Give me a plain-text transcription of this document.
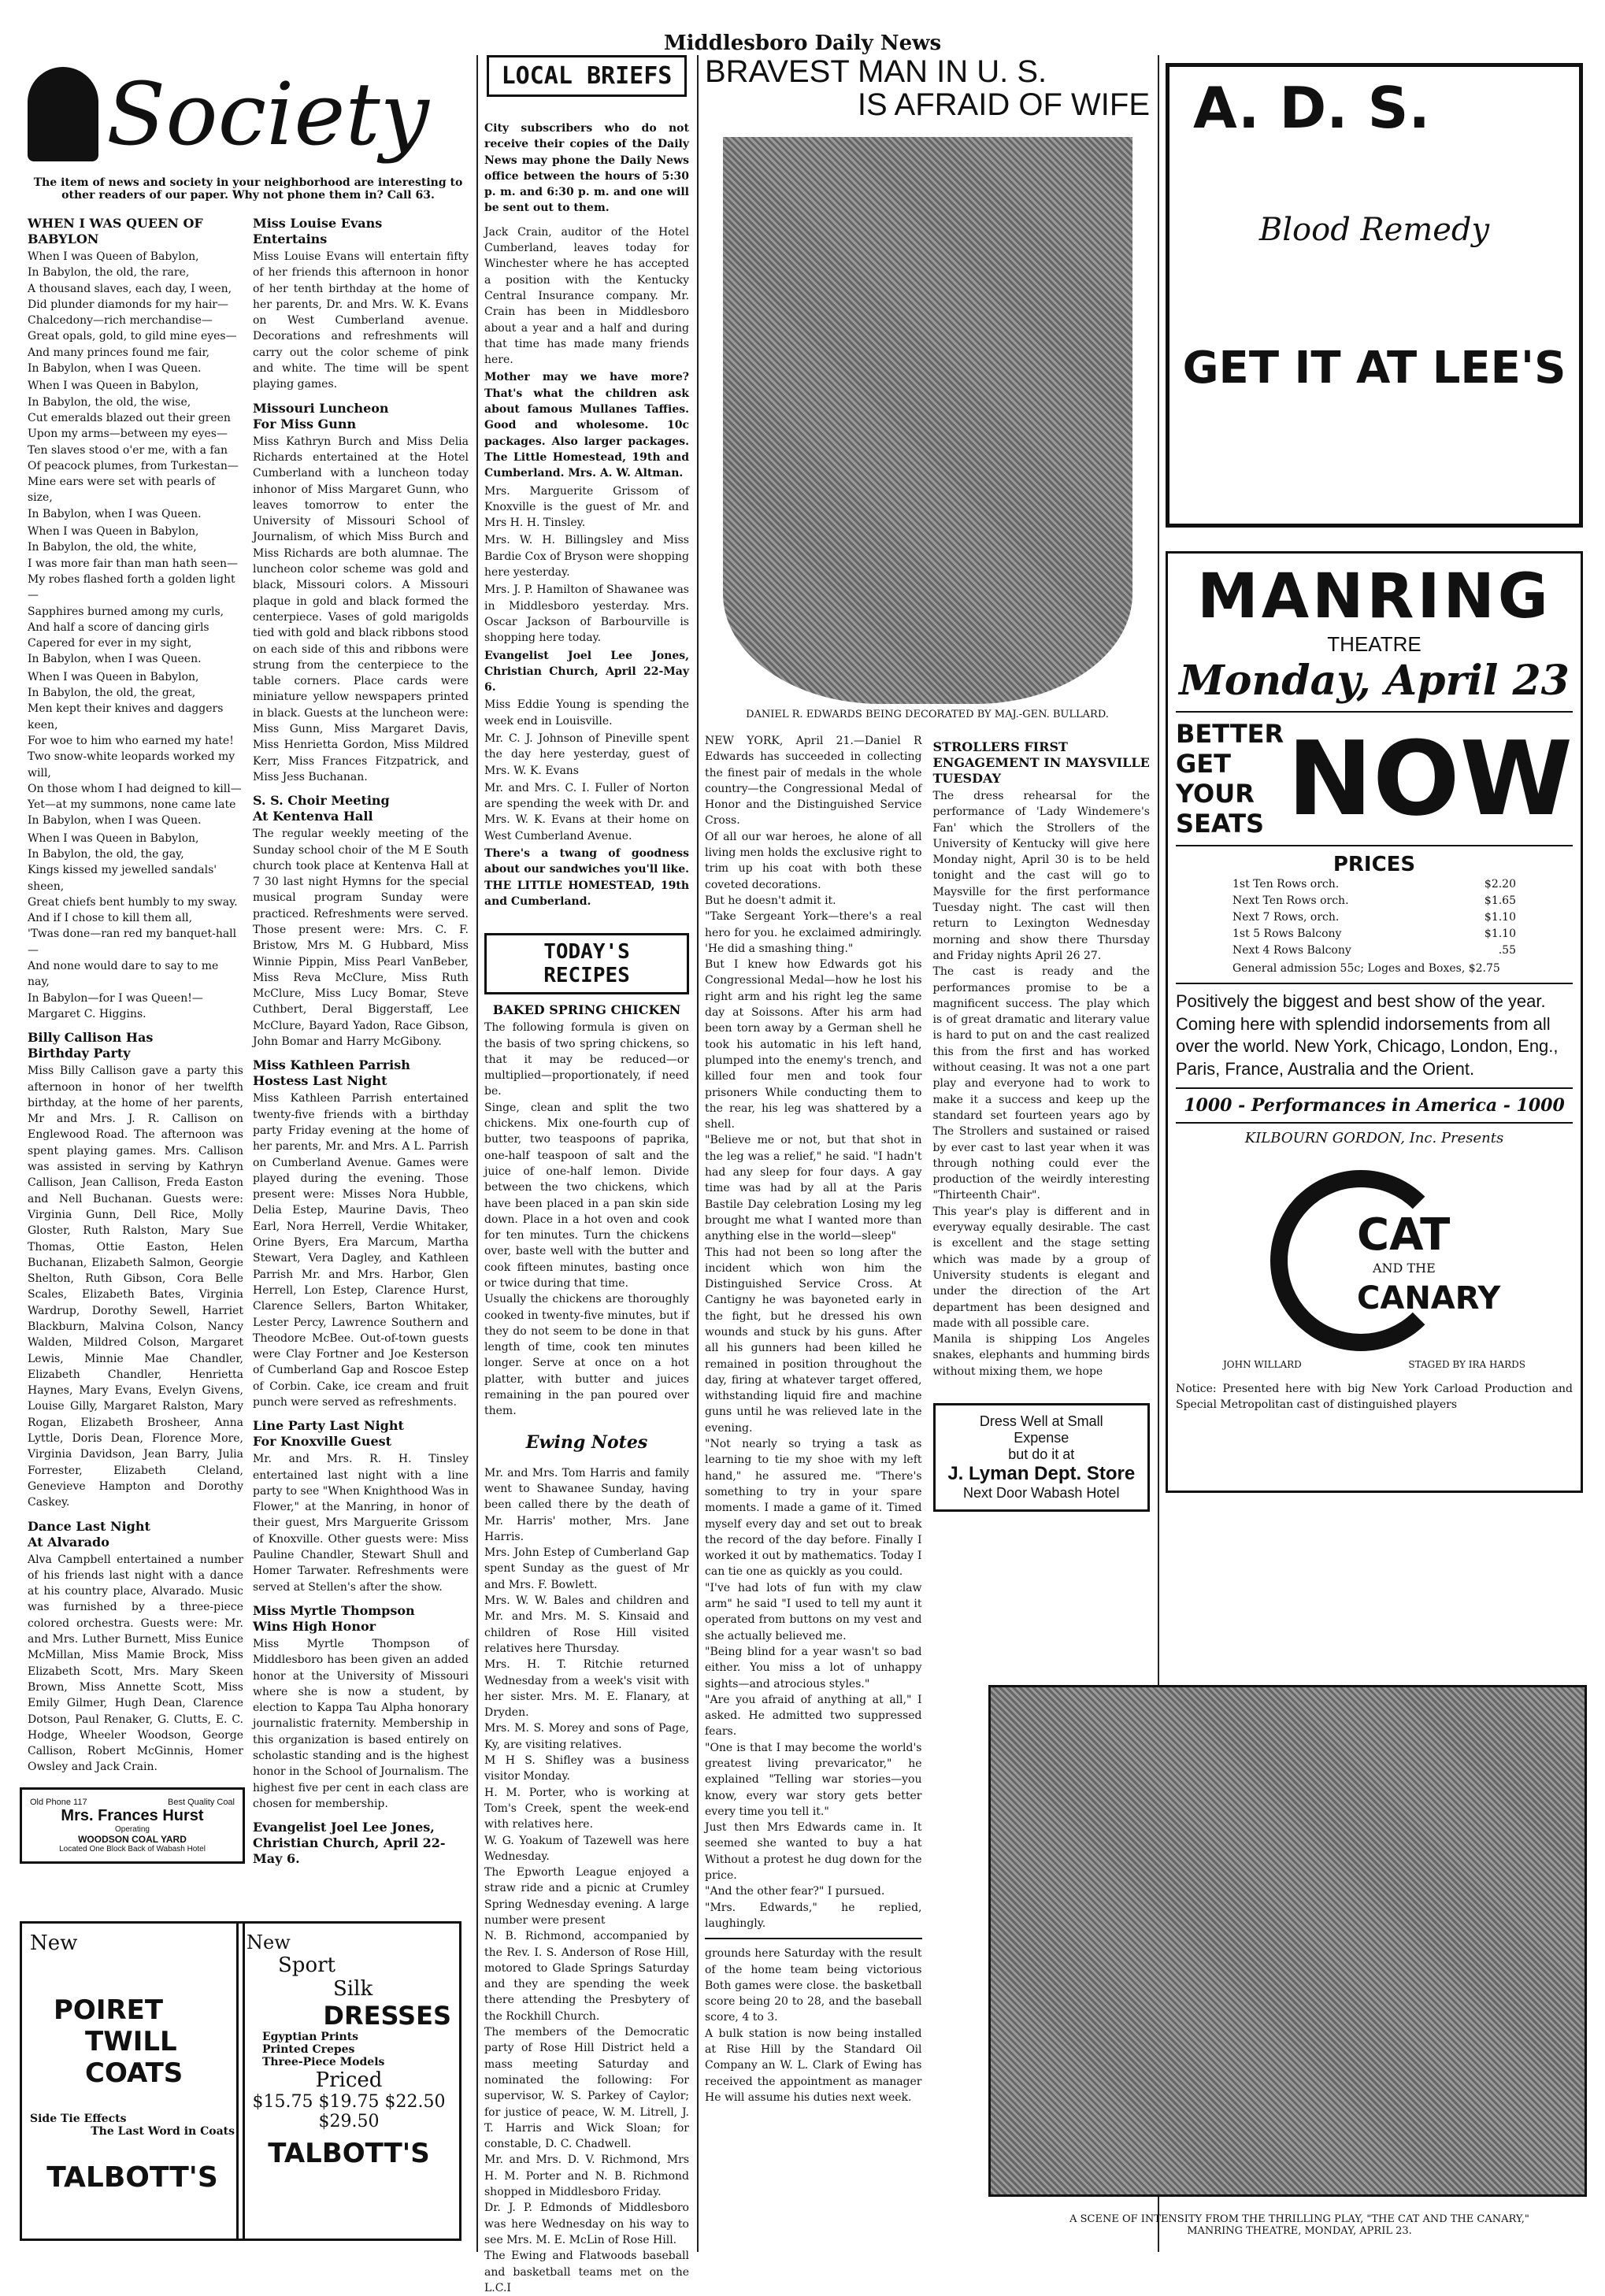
Middlesboro Daily News
Society
The item of news and society in your neighborhood are interesting to other readers of our paper. Why not phone them in? Call 63.
WHEN I WAS QUEEN OF BABYLON
When I was Queen of Babylon,
In Babylon, the old, the rare,
A thousand slaves, each day, I ween,
Did plunder diamonds for my hair—
Chalcedony—rich merchandise—
Great opals, gold, to gild mine eyes—
And many princes found me fair,
In Babylon, when I was Queen.
When I was Queen in Babylon,
In Babylon, the old, the wise,
Cut emeralds blazed out their green
Upon my arms—between my eyes—
Ten slaves stood o'er me, with a fan
Of peacock plumes, from Turkestan—
Mine ears were set with pearls of size,
In Babylon, when I was Queen.
When I was Queen in Babylon,
In Babylon, the old, the white,
I was more fair than man hath seen—
My robes flashed forth a golden light—
Sapphires burned among my curls,
And half a score of dancing girls
Capered for ever in my sight,
In Babylon, when I was Queen.
When I was Queen in Babylon,
In Babylon, the old, the great,
Men kept their knives and daggers keen,
For woe to him who earned my hate!
Two snow-white leopards worked my will,
On those whom I had deigned to kill—
Yet—at my summons, none came late
In Babylon, when I was Queen.
When I was Queen in Babylon,
In Babylon, the old, the gay,
Kings kissed my jewelled sandals' sheen,
Great chiefs bent humbly to my sway.
And if I chose to kill them all,
'Twas done—ran red my banquet-hall—
And none would dare to say to me nay,
In Babylon—for I was Queen!—Margaret C. Higgins.
Billy Callison Has
Birthday Party
Miss Billy Callison gave a party this afternoon in honor of her twelfth birthday, at the home of her parents, Mr and Mrs. J. R. Callison on Englewood Road. The afternoon was spent playing games. Mrs. Callison was assisted in serving by Kathryn Callison, Jean Callison, Freda Easton and Nell Buchanan. Guests were: Virginia Gunn, Dell Rice, Molly Gloster, Ruth Ralston, Mary Sue Thomas, Ottie Easton, Helen Buchanan, Elizabeth Salmon, Georgie Shelton, Ruth Gibson, Cora Belle Scales, Elizabeth Bates, Virginia Wardrup, Dorothy Sewell, Harriet Blackburn, Malvina Colson, Nancy Walden, Mildred Colson, Margaret Lewis, Minnie Mae Chandler, Elizabeth Chandler, Henrietta Haynes, Mary Evans, Evelyn Givens, Louise Gilly, Margaret Ralston, Mary Rogan, Elizabeth Brosheer, Anna Lyttle, Doris Dean, Florence More, Virginia Davidson, Jean Barry, Julia Forrester, Elizabeth Cleland, Genevieve Hampton and Dorothy Caskey.
Dance Last Night
At Alvarado
Alva Campbell entertained a number of his friends last night with a dance at his country place, Alvarado. Music was furnished by a three-piece colored orchestra. Guests were: Mr. and Mrs. Luther Burnett, Miss Eunice McMillan, Miss Mamie Brock, Miss Elizabeth Scott, Mrs. Mary Skeen Brown, Miss Annette Scott, Miss Emily Gilmer, Hugh Dean, Clarence Dotson, Paul Renaker, G. Clutts, E. C. Hodge, Wheeler Woodson, George Callison, Robert McGinnis, Homer Owsley and Jack Crain.
Miss Louise Evans
Entertains
Miss Louise Evans will entertain fifty of her friends this afternoon in honor of her tenth birthday at the home of her parents, Dr. and Mrs. W. K. Evans on West Cumberland avenue. Decorations and refreshments will carry out the color scheme of pink and white. The time will be spent playing games.
Missouri Luncheon
For Miss Gunn
Miss Kathryn Burch and Miss Delia Richards entertained at the Hotel Cumberland with a luncheon today inhonor of Miss Margaret Gunn, who leaves tomorrow to enter the University of Missouri School of Journalism, of which Miss Burch and Miss Richards are both alumnae. The luncheon color scheme was gold and black, Missouri colors. A Missouri plaque in gold and black formed the centerpiece. Vases of gold marigolds tied with gold and black ribbons stood on each side of this and ribbons were strung from the centerpiece to the table corners. Place cards were miniature yellow newspapers printed in black. Guests at the luncheon were: Miss Gunn, Miss Margaret Davis, Miss Henrietta Gordon, Miss Mildred Kerr, Miss Frances Fitzpatrick, and Miss Jess Buchanan.
S. S. Choir Meeting
At Kentenva Hall
The regular weekly meeting of the Sunday school choir of the M E South church took place at Kentenva Hall at 7 30 last night Hymns for the special musical program Sunday were practiced. Refreshments were served. Those present were: Mrs. C. F. Bristow, Mrs M. G Hubbard, Miss Winnie Pippin, Miss Pearl VanBeber, Miss Reva McClure, Miss Ruth McClure, Miss Lucy Bomar, Steve Cuthbert, Deral Biggerstaff, Lee McClure, Bayard Yadon, Race Gibson, John Bomar and Harry McGibony.
Miss Kathleen Parrish
Hostess Last Night
Miss Kathleen Parrish entertained twenty-five friends with a birthday party Friday evening at the home of her parents, Mr. and Mrs. A L. Parrish on Cumberland Avenue. Games were played during the evening. Those present were: Misses Nora Hubble, Delia Estep, Maurine Davis, Theo Earl, Nora Herrell, Verdie Whitaker, Orine Byers, Era Marcum, Martha Stewart, Vera Dagley, and Kathleen Parrish Mr. and Mrs. Harbor, Glen Herrell, Lon Estep, Clarence Hurst, Clarence Sellers, Barton Whitaker, Lester Percy, Lawrence Southern and Theodore McBee. Out-of-town guests were Clay Fortner and Joe Kesterson of Cumberland Gap and Roscoe Estep of Corbin. Cake, ice cream and fruit punch were served as refreshments.
Line Party Last Night
For Knoxville Guest
Mr. and Mrs. R. H. Tinsley entertained last night with a line party to see "When Knighthood Was in Flower," at the Manring, in honor of their guest, Mrs Marguerite Grissom of Knoxville. Other guests were: Miss Pauline Chandler, Stewart Shull and Homer Tarwater. Refreshments were served at Stellen's after the show.
Miss Myrtle Thompson
Wins High Honor
Miss Myrtle Thompson of Middlesboro has been given an added honor at the University of Missouri where she is now a student, by election to Kappa Tau Alpha honorary journalistic fraternity. Membership in this organization is based entirely on scholastic standing and is the highest honor in the School of Journalism. The highest five per cent in each class are chosen for membership.
Evangelist Joel Lee Jones, Christian Church, April 22-May 6.
Old Phone 117	Best Quality Coal
Mrs. Frances Hurst
Operating
WOODSON COAL YARD
Located One Block Back of Wabash Hotel
New
POIRET
TWILL COATS
Side Tie Effects
The Last Word in Coats
TALBOTT'S
New
Sport
Silk
DRESSES
Egyptian Prints
Printed Crepes
Three-Piece Models
Priced
$15.75 $19.75 $22.50
$29.50
TALBOTT'S
LOCAL BRIEFS
City subscribers who do not receive their copies of the Daily News may phone the Daily News office between the hours of 5:30 p. m. and 6:30 p. m. and one will be sent out to them.
Jack Crain, auditor of the Hotel Cumberland, leaves today for Winchester where he has accepted a position with the Kentucky Central Insurance company. Mr. Crain has been in Middlesboro about a year and a half and during that time has made many friends here.
Mother may we have more? That's what the children ask about famous Mullanes Taffies. Good and wholesome. 10c packages. Also larger packages. The Little Homestead, 19th and Cumberland. Mrs. A. W. Altman.
Mrs. Marguerite Grissom of Knoxville is the guest of Mr. and Mrs H. H. Tinsley.
Mrs. W. H. Billingsley and Miss Bardie Cox of Bryson were shopping here yesterday.
Mrs. J. P. Hamilton of Shawanee was in Middlesboro yesterday. Mrs. Oscar Jackson of Barbourville is shopping here today.
Evangelist Joel Lee Jones, Christian Church, April 22-May 6.
Miss Eddie Young is spending the week end in Louisville.
Mr. C. J. Johnson of Pineville spent the day here yesterday, guest of Mrs. W. K. Evans
Mr. and Mrs. C. I. Fuller of Norton are spending the week with Dr. and Mrs. W. K. Evans at their home on West Cumberland Avenue.
There's a twang of goodness about our sandwiches you'll like. THE LITTLE HOMESTEAD, 19th and Cumberland.
TODAY'S RECIPES
BAKED SPRING CHICKEN
The following formula is given on the basis of two spring chickens, so that it may be reduced—or multiplied—proportionately, if need be.
Singe, clean and split the two chickens. Mix one-fourth cup of butter, two teaspoons of paprika, one-half teaspoon of salt and the juice of one-half lemon. Divide between the two chickens, which have been placed in a pan skin side down. Place in a hot oven and cook for ten minutes. Turn the chickens over, baste well with the butter and cook fifteen minutes, basting once or twice during that time.
Usually the chickens are thoroughly cooked in twenty-five minutes, but if they do not seem to be done in that length of time, cook ten minutes longer. Serve at once on a hot platter, with butter and juices remaining in the pan poured over them.
Ewing Notes
Mr. and Mrs. Tom Harris and family went to Shawanee Sunday, having been called there by the death of Mr. Harris' mother, Mrs. Jane Harris.
Mrs. John Estep of Cumberland Gap spent Sunday as the guest of Mr and Mrs. F. Bowlett.
Mrs. W. W. Bales and children and Mr. and Mrs. M. S. Kinsaid and children of Rose Hill visited relatives here Thursday.
Mrs. H. T. Ritchie returned Wednesday from a week's visit with her sister. Mrs. M. E. Flanary, at Dryden.
Mrs. M. S. Morey and sons of Page, Ky, are visiting relatives.
M H S. Shifley was a business visitor Monday.
H. M. Porter, who is working at Tom's Creek, spent the week-end with relatives here.
W. G. Yoakum of Tazewell was here Wednesday.
The Epworth League enjoyed a straw ride and a picnic at Crumley Spring Wednesday evening. A large number were present
N. B. Richmond, accompanied by the Rev. I. S. Anderson of Rose Hill, motored to Glade Springs Saturday and they are spending the week there attending the Presbytery of the Rockhill Church.
The members of the Democratic party of Rose Hill District held a mass meeting Saturday and nominated the following: For supervisor, W. S. Parkey of Caylor; for justice of peace, W. M. Litrell, J. T. Harris and Wick Sloan; for constable, D. C. Chadwell.
Mr. and Mrs. D. V. Richmond, Mrs H. M. Porter and N. B. Richmond shopped in Middlesboro Friday.
Dr. J. P. Edmonds of Middlesboro was here Wednesday on his way to see Mrs. M. E. McLin of Rose Hill.
The Ewing and Flatwoods baseball and basketball teams met on the L.C.I
BRAVEST MAN IN U. S.
IS AFRAID OF WIFE
DANIEL R. EDWARDS BEING DECORATED BY MAJ.-GEN. BULLARD.
NEW YORK, April 21.—Daniel R Edwards has succeeded in collecting the finest pair of medals in the whole country—the Congressional Medal of Honor and the Distinguished Service Cross.
Of all our war heroes, he alone of all living men holds the exclusive right to trim up his coat with both these coveted decorations.
But he doesn't admit it.
"Take Sergeant York—there's a real hero for you. he exclaimed admiringly. 'He did a smashing thing."
But I knew how Edwards got his Congressional Medal—how he lost his right arm and his right leg the same day at Soissons. After his arm had been torn away by a German shell he took his automatic in his left hand, plumped into the enemy's trench, and killed four men and took four prisoners While conducting them to the rear, his leg was shattered by a shell.
"Believe me or not, but that shot in the leg was a relief," he said. "I hadn't had any sleep for four days. A gay time was had by all at the Paris Bastile Day celebration Losing my leg brought me what I wanted more than anything else in the world—sleep"
This had not been so long after the incident which won him the Distinguished Service Cross. At Cantigny he was bayoneted early in the fight, but he dressed his own wounds and stuck by his guns. After all his gunners had been killed he remained in position throughout the day, firing at whatever target offered, withstanding liquid fire and machine guns until he was relieved late in the evening.
"Not nearly so trying a task as learning to tie my shoe with my left hand," he assured me. "There's something to try in your spare moments. I made a game of it. Timed myself every day and set out to break the record of the day before. Finally I worked it out by mathematics. Today I can tie one as quickly as you could.
"I've had lots of fun with my claw arm" he said "I used to tell my aunt it operated from buttons on my vest and she actually believed me.
"Being blind for a year wasn't so bad either. You miss a lot of unhappy sights—and atrocious styles."
"Are you afraid of anything at all," I asked. He admitted two suppressed fears.
"One is that I may become the world's greatest living prevaricator," he explained "Telling war stories—you know, every war story gets better every time you tell it."
Just then Mrs Edwards came in. It seemed she wanted to buy a hat Without a protest he dug down for the price.
"And the other fear?" I pursued.
"Mrs. Edwards," he replied, laughingly.
grounds here Saturday with the result of the home team being victorious Both games were close. the basketball score being 20 to 28, and the baseball score, 4 to 3.
A bulk station is now being installed at Rise Hill by the Standard Oil Company an W. L. Clark of Ewing has received the appointment as manager He will assume his duties next week.
STROLLERS FIRST ENGAGEMENT IN MAYSVILLE TUESDAY
The dress rehearsal for the performance of 'Lady Windemere's Fan' which the Strollers of the University of Kentucky will give here Monday night, April 30 is to be held tonight and the cast will go to Maysville for the first performance Tuesday night. The cast will then return to Lexington Wednesday morning and show there Thursday and Friday nights April 26 27.
The cast is ready and the performances promise to be a magnificent success. The play which is of great dramatic and literary value is hard to put on and the cast realized this from the first and has worked without ceasing. It was not a one part play and everyone had to work to make it a success and keep up the standard set fourteen years ago by The Strollers and sustained or raised by ever cast to last year when it was through nothing could ever the production of the weirdly interesting "Thirteenth Chair".
This year's play is different and in everyway equally desirable. The cast is excellent and the stage setting which was made by a group of University students is elegant and under the direction of the Art department has been designed and made with all possible care.
Manila is shipping Los Angeles snakes, elephants and humming birds without mixing them, we hope
Dress Well at Small
Expense
but do it at
J. Lyman Dept. Store
Next Door Wabash Hotel
A. D. S.
Blood Remedy
GET IT AT LEE'S
MANRING
THEATRE
Monday, April 23
BETTER
GET YOUR
SEATS NOW
PRICES
1st Ten Rows orch.	$2.20
Next Ten Rows orch.	$1.65
Next 7 Rows, orch.	$1.10
1st 5 Rows Balcony	$1.10
Next 4 Rows Balcony	.55
General admission 55c; Loges and Boxes, $2.75
Positively the biggest and best show of the year. Coming here with splendid indorsements from all over the world. New York, Chicago, London, Eng., Paris, France, Australia and the Orient.
1000 - Performances in America - 1000
KILBOURN GORDON, Inc. Presents
CAT
AND THE
CANARY
JOHN WILLARD	STAGED BY IRA HARDS
Notice: Presented here with big New York Carload Production and Special Metropolitan cast of distinguished players
A SCENE OF INTENSITY FROM THE THRILLING PLAY, "THE CAT AND THE CANARY," MANRING THEATRE, MONDAY, APRIL 23.
